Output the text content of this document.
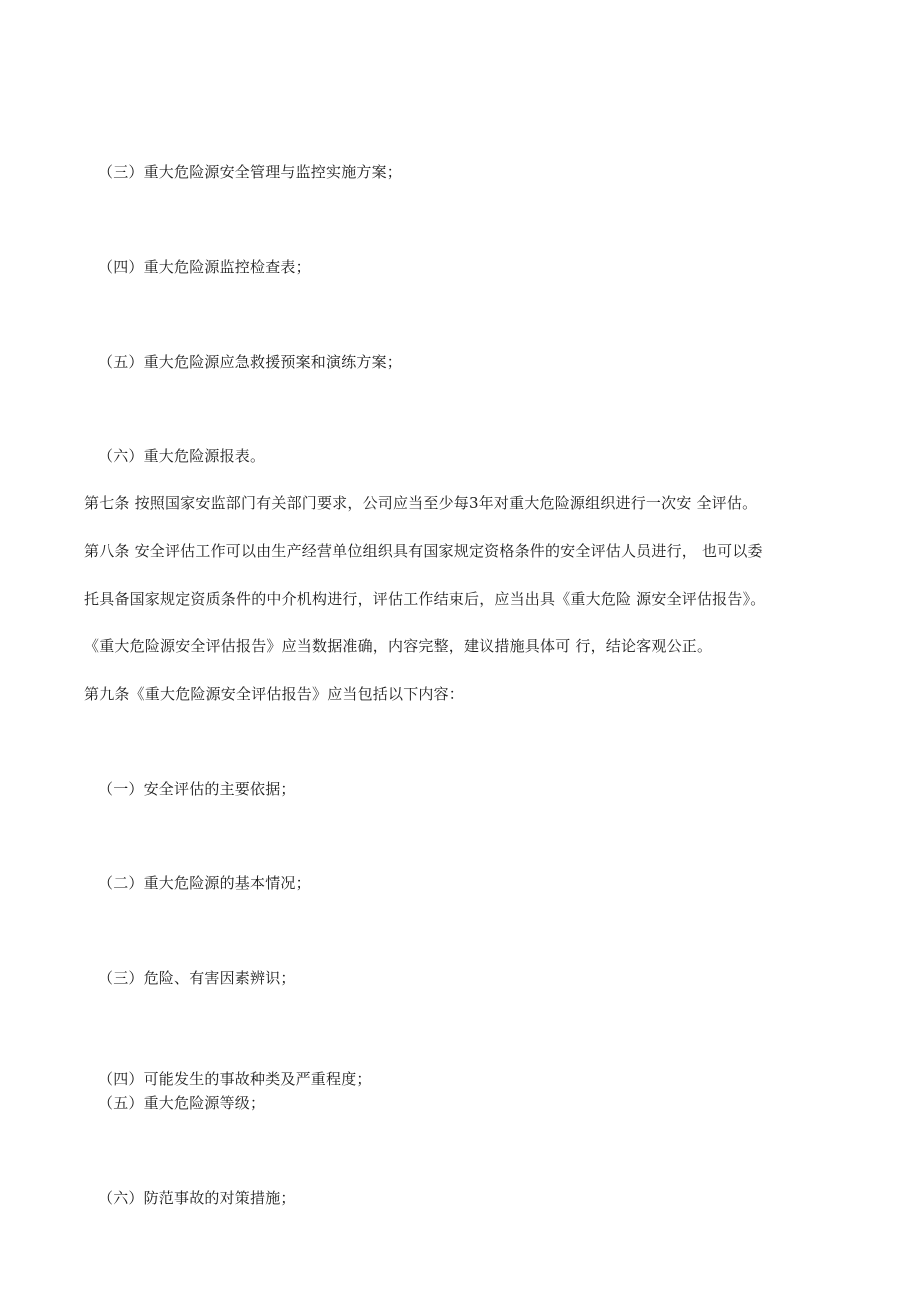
（三）重大危险源安全管理与监控实施方案；
（四）重大危险源监控检查表；
（五）重大危险源应急救援预案和演练方案；
（六）重大危险源报表。
第七条 按照国家安监部门有关部门要求，公司应当至少每3年对重大危险源组织进行一次安 全评估。
第八条 安全评估工作可以由生产经营单位组织具有国家规定资格条件的安全评估人员进行， 也可以委
托具备国家规定资质条件的中介机构进行，评估工作结束后，应当出具《重大危险 源安全评估报告》。
《重大危险源安全评估报告》应当数据准确，内容完整，建议措施具体可 行，结论客观公正。
第九条《重大危险源安全评估报告》应当包括以下内容：
（一）安全评估的主要依据；
（二）重大危险源的基本情况；
（三）危险、有害因素辨识；
（四）可能发生的事故种类及严重程度；
（五）重大危险源等级；
（六）防范事故的对策措施；
